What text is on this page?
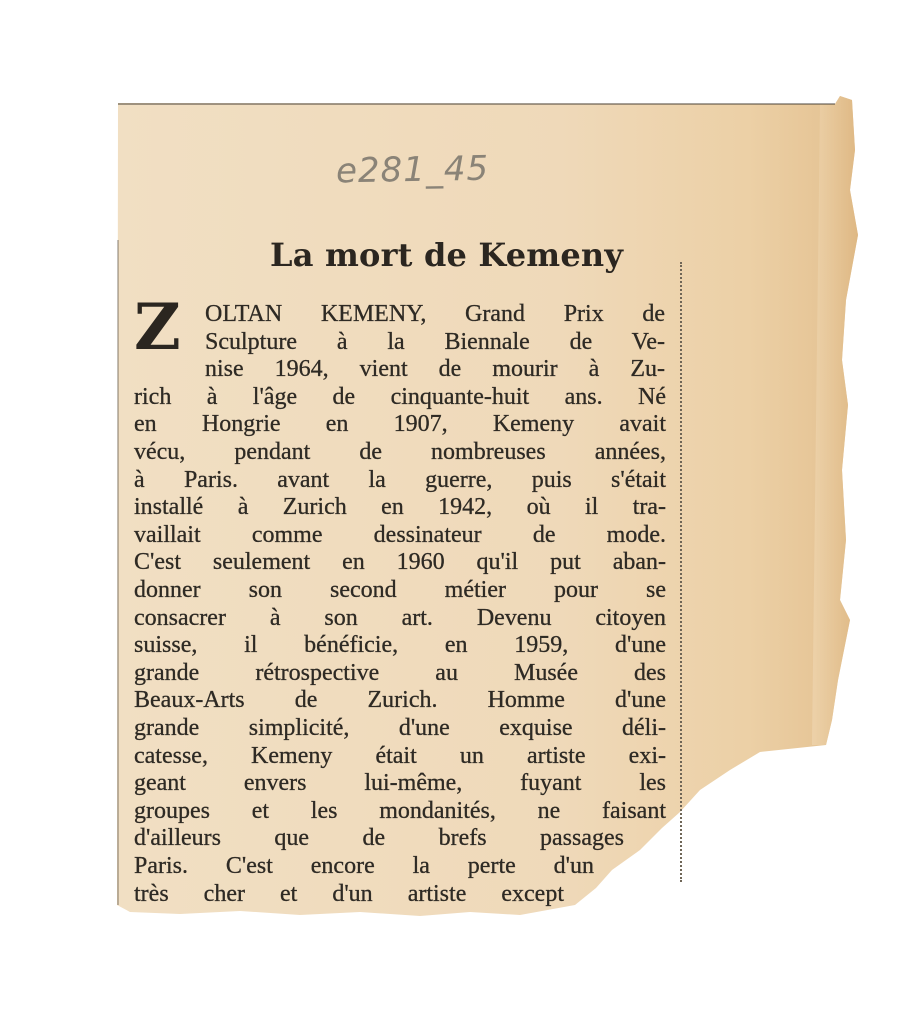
e281_45
La mort de Kemeny
Z OLTAN KEMENY, Grand Prix de
Sculpture à la Biennale de Ve-
nise 1964, vient de mourir à Zu-
rich à l'âge de cinquante-huit ans. Né
en Hongrie en 1907, Kemeny avait
vécu, pendant de nombreuses années,
à Paris. avant la guerre, puis s'était
installé à Zurich en 1942, où il tra-
vaillait comme dessinateur de mode.
C'est seulement en 1960 qu'il put aban-
donner son second métier pour se
consacrer à son art. Devenu citoyen
suisse, il bénéficie, en 1959, d'une
grande rétrospective au Musée des
Beaux-Arts de Zurich. Homme d'une
grande simplicité, d'une exquise déli-
catesse, Kemeny était un artiste exi-
geant envers lui-même, fuyant les
groupes et les mondanités, ne faisant
d'ailleurs que de brefs passages
Paris. C'est encore la perte d'un
très cher et d'un artiste except
